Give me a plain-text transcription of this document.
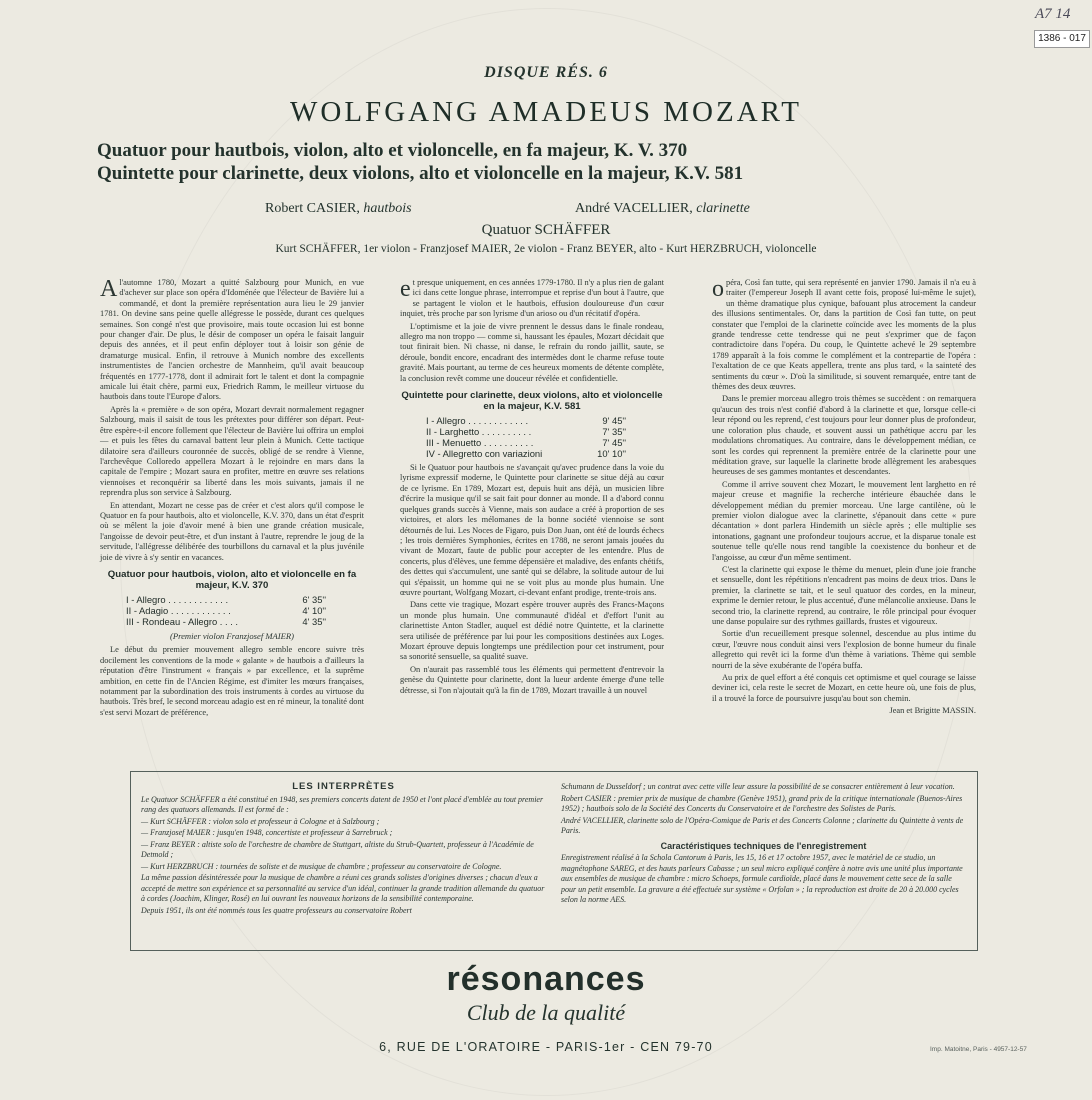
A7 14
1386 - 017
DISQUE RÉS. 6
WOLFGANG AMADEUS MOZART
Quatuor pour hautbois, violon, alto et violoncelle, en fa majeur, K. V. 370
Quintette pour clarinette, deux violons, alto et violoncelle en la majeur, K.V. 581
Robert CASIER, hautbois	André VACELLIER, clarinette
Quatuor SCHÄFFER
Kurt SCHÄFFER, 1er violon - Franzjosef MAIER, 2e violon - Franz BEYER, alto - Kurt HERZBRUCH, violoncelle

Al'automne 1780, Mozart a quitté Salzbourg pour Munich, en vue d'achever sur place son opéra d'Idoménée que l'électeur de Bavière lui a commandé, et dont la première représentation aura lieu le 29 janvier 1781. On devine sans peine quelle allégresse le possède, durant ces quelques semaines. Son congé n'est que provisoire, mais toute occasion lui est bonne pour changer d'air. De plus, le désir de composer un opéra le faisait languir depuis des années, et il peut enfin déployer tout à loisir son génie de dramaturge musical. Enfin, il retrouve à Munich nombre des excellents instrumentistes de l'ancien orchestre de Mannheim, qu'il avait beaucoup fréquentés en 1777-1778, dont il admirait fort le talent et dont la compagnie amicale lui était chère, parmi eux, Friedrich Ramm, le meilleur virtuose du hautbois dans toute l'Europe d'alors.

Après la « première » de son opéra, Mozart devrait normalement regagner Salzbourg, mais il saisit de tous les prétextes pour différer son départ. Peut-être espère-t-il encore follement que l'électeur de Bavière lui offrira un emploi — et puis les fêtes du carnaval battent leur plein à Munich. Cette tactique dilatoire sera d'ailleurs couronnée de succès, obligé de se rendre à Vienne, l'archevêque Colloredo appellera Mozart à le rejoindre en mars dans la capitale de l'empire ; Mozart saura en profiter, mettre en œuvre ses relations viennoises et reconquérir sa liberté dans les mois suivants, jamais il ne reprendra plus son service à Salzbourg.

En attendant, Mozart ne cesse pas de créer et c'est alors qu'il compose le Quatuor en fa pour hautbois, alto et violoncelle, K.V. 370, dans un état d'esprit où se mêlent la joie d'avoir mené à bien une grande création musicale, l'angoisse de devoir peut-être, et d'un instant à l'autre, reprendre le joug de la servitude, l'allégresse délibérée des tourbillons du carnaval et la plus juvénile joie de vivre à s'y sentir en vacances.

Quatuor pour hautbois, violon, alto et violoncelle en fa majeur, K.V. 370
I - Allegro . . . . . . . . . . . .	6' 35''
II - Adagio . . . . . . . . . . . .	4' 10''
III - Rondeau - Allegro . . . .	4' 35''
(Premier violon Franzjosef MAIER)

Le début du premier mouvement allegro semble encore suivre très docilement les conventions de la mode « galante » de hautbois a d'ailleurs la réputation d'être l'instrument « français » par excellence, et la suprême ambition, en cette fin de l'Ancien Régime, est d'imiter les mœurs françaises, notamment par la subordination des trois instruments à cordes au virtuose du hautbois. Très bref, le second morceau adagio est en ré mineur, la tonalité dont s'est servi Mozart de préférence,

et presque uniquement, en ces années 1779-1780. Il n'y a plus rien de galant ici dans cette longue phrase, interrompue et reprise d'un bout à l'autre, que se partagent le violon et le hautbois, effusion douloureuse d'un cœur inquiet, très proche par son lyrisme d'un arioso ou d'un récitatif d'opéra.

L'optimisme et la joie de vivre prennent le dessus dans le finale rondeau, allegro ma non troppo — comme si, haussant les épaules, Mozart décidait que tout finirait bien. Ni chasse, ni danse, le refrain du rondo jaillit, saute, se déroule, bondit encore, encadrant des intermèdes dont le charme refuse toute gravité. Mais pourtant, au terme de ces heureux moments de détente complète, la conclusion revêt comme une douceur révélée et confidentielle.

Quintette pour clarinette, deux violons, alto et violoncelle en la majeur, K.V. 581
I - Allegro . . . . . . . . . . . .	9' 45''
II - Larghetto . . . . . . . . . .	7' 35''
III - Menuetto . . . . . . . . . .	7' 45''
IV - Allegretto con variazioni	10' 10''

Si le Quatuor pour hautbois ne s'avançait qu'avec prudence dans la voie du lyrisme expressif moderne, le Quintette pour clarinette se situe déjà au cœur de ce lyrisme. En 1789, Mozart est, depuis huit ans déjà, un musicien libre d'écrire la musique qu'il se sait fait pour donner au monde. Il a d'abord connu quelques grands succès à Vienne, mais son audace a créé à proportion de ses victoires, et alors les mélomanes de la bonne société viennoise se sont détournés de lui. Les Noces de Figaro, puis Don Juan, ont été de lourds échecs ; les trois dernières Symphonies, écrites en 1788, ne seront jamais jouées du vivant de Mozart, faute de public pour accepter de les entendre. Plus de concerts, plus d'élèves, une femme dépensière et maladive, des enfants chétifs, des dettes qui s'accumulent, une santé qui se délabre, la solitude autour de lui qui s'épaissit, un homme qui ne se voit plus au monde plus humain. Une œuvre pourtant, Wolfgang Mozart, ci-devant enfant prodige, trente-trois ans.

Dans cette vie tragique, Mozart espère trouver auprès des Francs-Maçons un monde plus humain. Une communauté d'idéal et d'effort l'unit au clarinettiste Anton Stadler, auquel est dédié notre Quintette, et la clarinette sera utilisée de préférence par lui pour les compositions destinées aux Loges. Mozart éprouve depuis longtemps une prédilection pour cet instrument, pour sa sonorité sensuelle, sa qualité suave.

On n'aurait pas rassemblé tous les éléments qui permettent d'entrevoir la genèse du Quintette pour clarinette, dont la lueur ardente émerge d'une telle détresse, si l'on n'ajoutait qu'à la fin de 1789, Mozart travaille à un nouvel

opéra, Così fan tutte, qui sera représenté en janvier 1790. Jamais il n'a eu à traiter (l'empereur Joseph II avant cette fois, proposé lui-même le sujet), un thème dramatique plus cynique, bafouant plus atrocement la candeur des illusions sentimentales. Or, dans la partition de Così fan tutte, on peut constater que l'emploi de la clarinette coïncide avec les moments de la plus grande tendresse cette tendresse qui ne peut s'exprimer que de façon contradictoire dans l'opéra. Du coup, le Quintette achevé le 29 septembre 1789 apparaît à la fois comme le complément et la contrepartie de l'opéra : l'exaltation de ce que Keats appellera, trente ans plus tard, « la sainteté des sentiments du cœur ». D'où la similitude, si souvent remarquée, entre tant de thèmes des deux œuvres.

Dans le premier morceau allegro trois thèmes se succèdent : on remarquera qu'aucun des trois n'est confié d'abord à la clarinette et que, lorsque celle-ci leur répond ou les reprend, c'est toujours pour leur donner plus de profondeur, une coloration plus chaude, et souvent aussi un pathétique accru par les modulations chromatiques. Au contraire, dans le développement médian, ce sont les cordes qui reprennent la première entrée de la clarinette pour une méditation grave, sur laquelle la clarinette brode allègrement les arabesques heureuses de ses gammes montantes et descendantes.

Comme il arrive souvent chez Mozart, le mouvement lent larghetto en ré majeur creuse et magnifie la recherche intérieure ébauchée dans le développement médian du premier morceau. Une large cantilène, où le premier violon dialogue avec la clarinette, s'épanouit dans cette « pure décantation » dont parlera Hindemith un siècle après ; elle multiplie ses intonations, gagnant une profondeur toujours accrue, et la disparue tonale est soutenue telle qu'elle nous rend tangible la coexistence du bonheur et de l'angoisse, au cœur d'un même sentiment.

C'est la clarinette qui expose le thème du menuet, plein d'une joie franche et sensuelle, dont les répétitions n'encadrent pas moins de deux trios. Dans le premier, la clarinette se tait, et le seul quatuor des cordes, en la mineur, exprime le dernier retour, le plus accentué, d'une mélancolie anxieuse. Dans le second trio, la clarinette reprend, au contraire, le rôle principal pour évoquer une danse populaire sur des rythmes gaillards, frustes et vigoureux.

Sortie d'un recueillement presque solennel, descendue au plus intime du cœur, l'œuvre nous conduit ainsi vers l'explosion de bonne humeur du finale allegretto qui revêt ici la forme d'un thème à variations. Thème qui semble nourri de la sève exubérante de l'opéra buffa.

Au prix de quel effort a été conquis cet optimisme et quel courage se laisse deviner ici, cela reste le secret de Mozart, en cette heure où, une fois de plus, il a trouvé la force de poursuivre jusqu'au bout son chemin.

Jean et Brigitte MASSIN.
LES INTERPRÈTES

Le Quatuor SCHÄFFER a été constitué en 1948, ses premiers concerts datent de 1950 et l'ont placé d'emblée au tout premier rang des quatuors allemands. Il est formé de :

— Kurt SCHÄFFER : violon solo et professeur à Cologne et à Salzbourg ;

— Franzjosef MAIER : jusqu'en 1948, concertiste et professeur à Sarrebruck ;

— Franz BEYER : altiste solo de l'orchestre de chambre de Stuttgart, altiste du Strub-Quartett, professeur à l'Académie de Detmold ;

— Kurt HERZBRUCH : tournées de soliste et de musique de chambre ; professeur au conservatoire de Cologne.

La même passion désintéressée pour la musique de chambre a réuni ces grands solistes d'origines diverses ; chacun d'eux a accepté de mettre son expérience et sa personnalité au service d'un idéal, continuer la grande tradition allemande du quatuor à cordes (Joachim, Klinger, Rosé) en lui ouvrant les nouveaux horizons de la sensibilité contemporaine.

Depuis 1951, ils ont été nommés tous les quatre professeurs au conservatoire Robert

Schumann de Dusseldorf ; un contrat avec cette ville leur assure la possibilité de se consacrer entièrement à leur vocation.

Robert CASIER : premier prix de musique de chambre (Genève 1951), grand prix de la critique internationale (Buenos-Aires 1952) ; hautbois solo de la Société des Concerts du Conservatoire et de l'orchestre des Solistes de Paris.

André VACELLIER, clarinette solo de l'Opéra-Comique de Paris et des Concerts Colonne ; clarinette du Quintette à vents de Paris.

Caractéristiques techniques de l'enregistrement

Enregistrement réalisé à la Schola Cantorum à Paris, les 15, 16 et 17 octobre 1957, avec le matériel de ce studio, un magnétophone SAREG, et des hauts parleurs Cabasse ; un seul micro expliqué confère à notre avis une unité plus importante aux ensembles de musique de chambre : micro Schoeps, formule cardioïde, placé dans le mouvement cette sece de la salle pour un petit ensemble. La gravure a été effectuée sur système « Orfolan » ; la reproduction est droite de 20 à 20.000 cycles selon la norme AES.

résonances
Club de la qualité
6, RUE DE L'ORATOIRE - PARIS-1er - CEN 79-70	Imp. Matoitne, Paris - 4957-12-57
